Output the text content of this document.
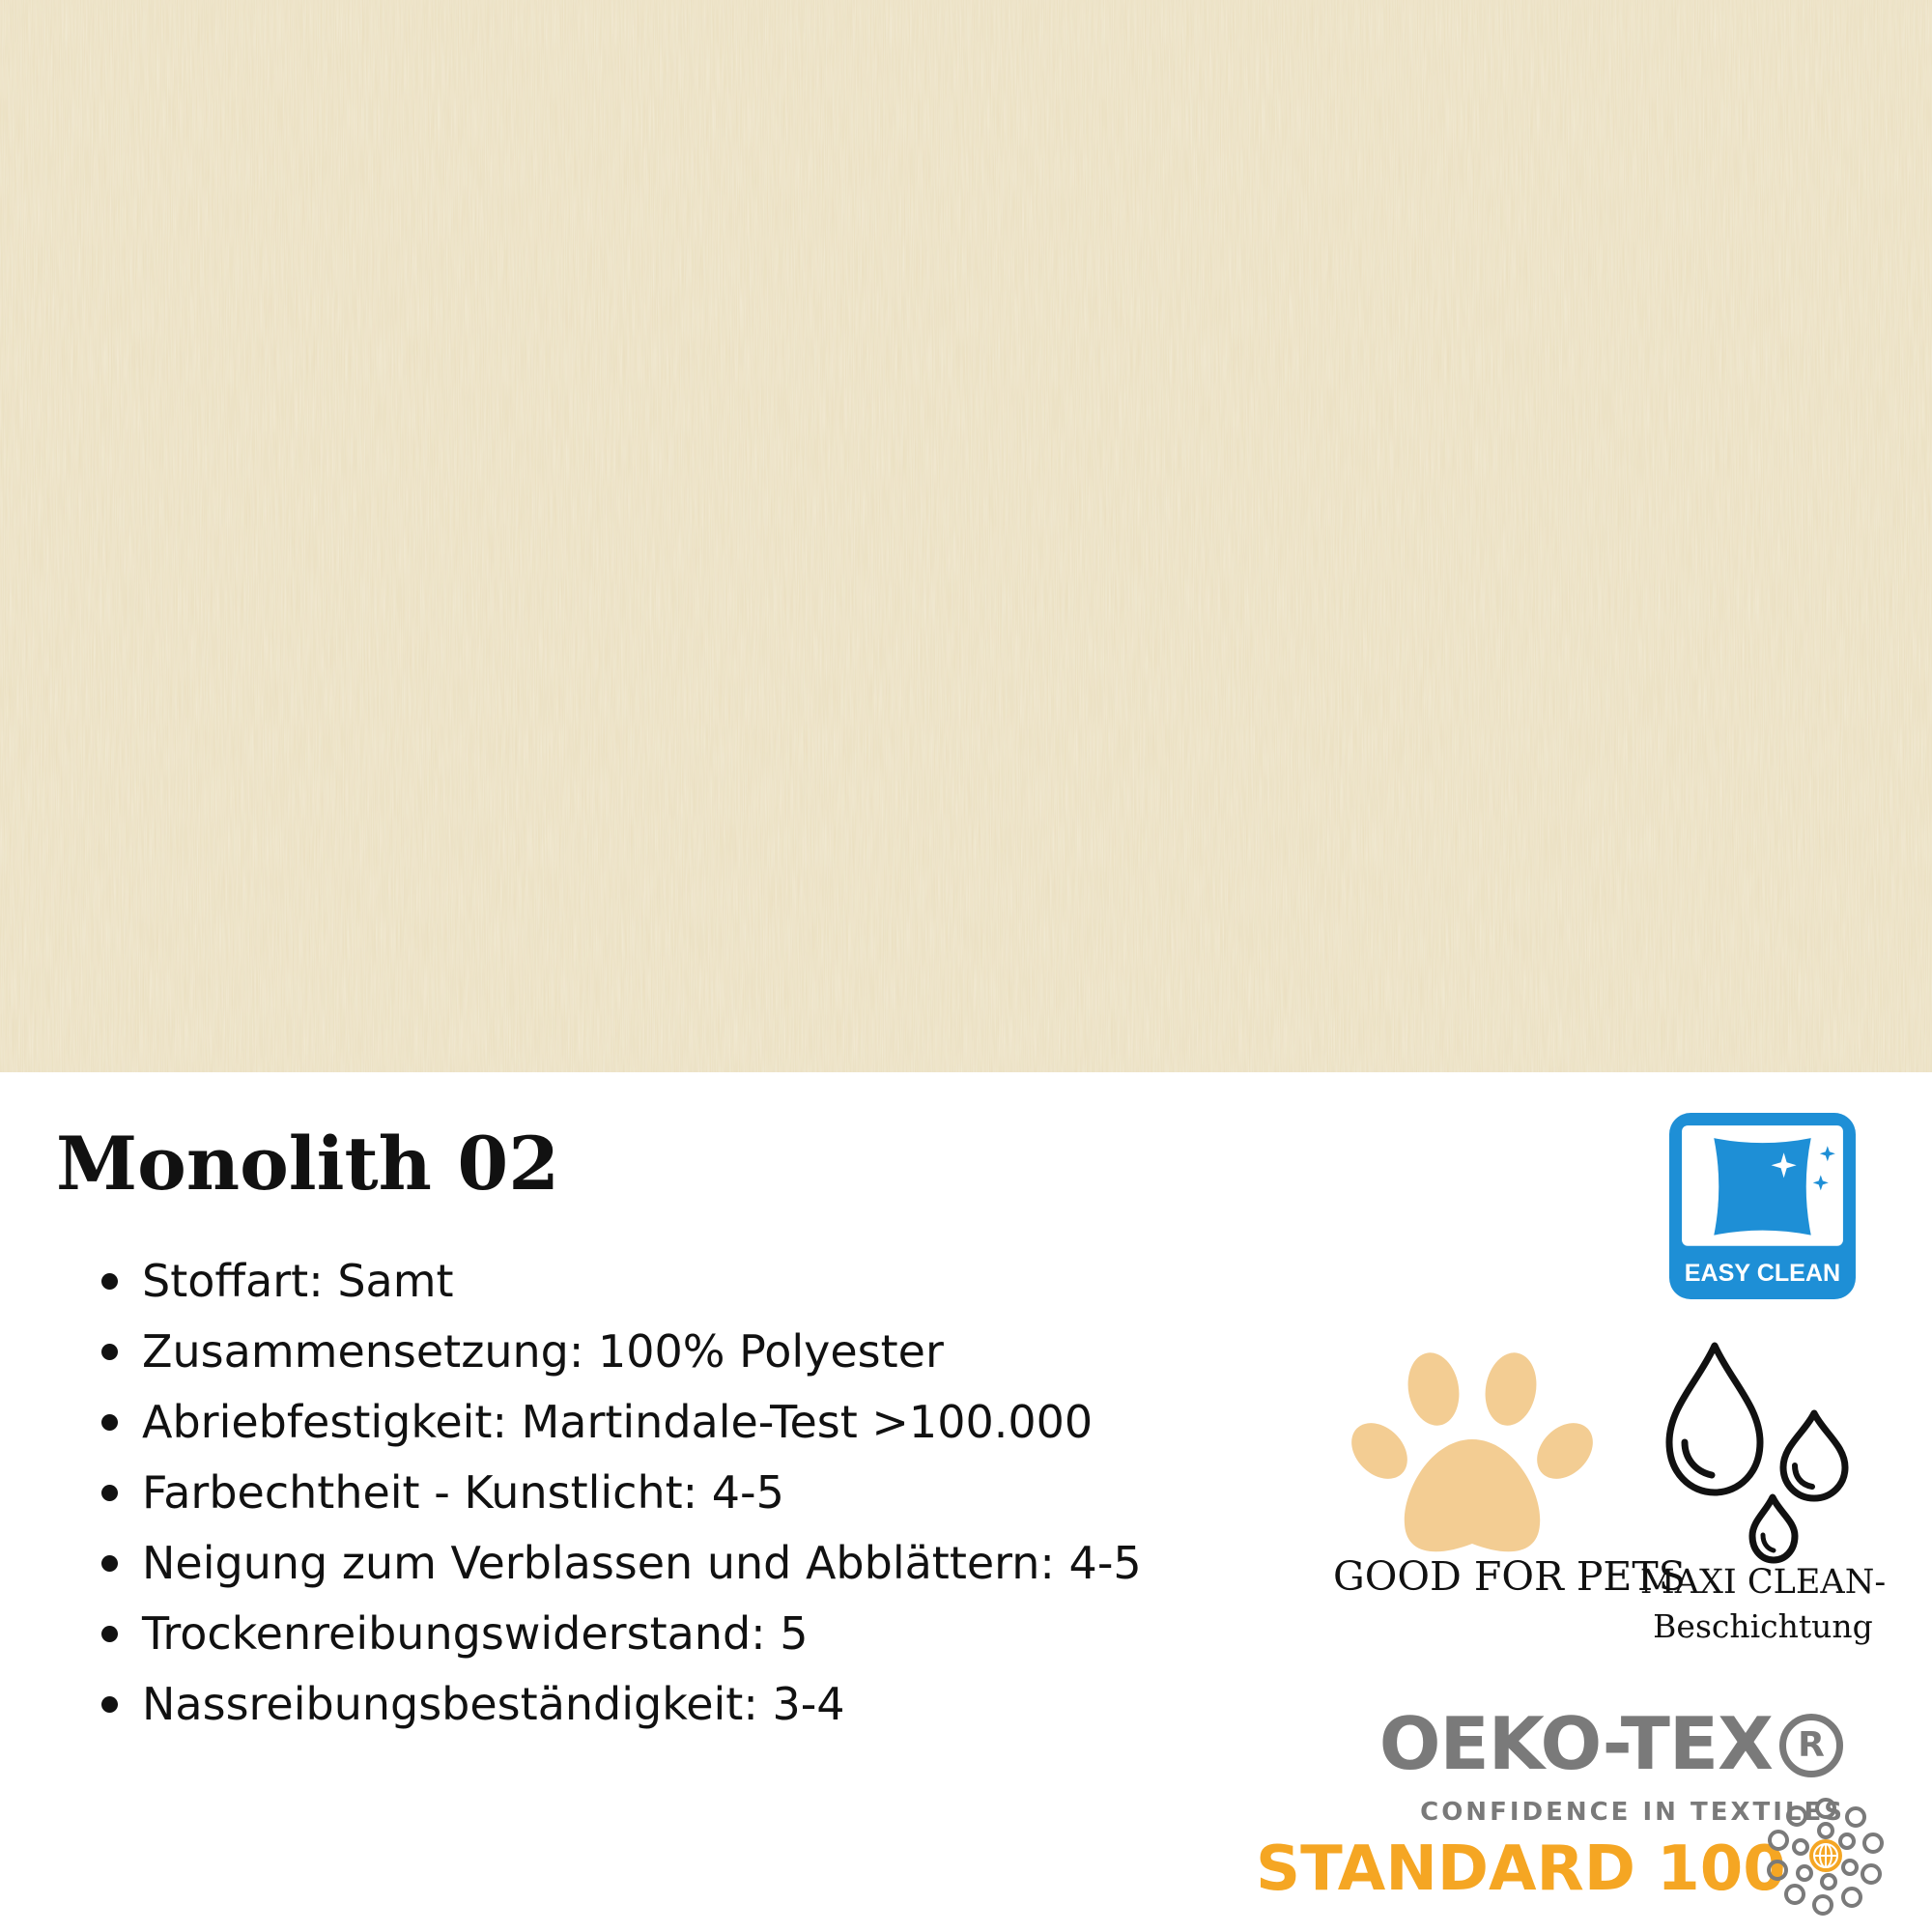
Monolith 02
Stoffart: Samt
Zusammensetzung: 100% Polyester
Abriebfestigkeit: Martindale-Test >100.000
Farbechtheit - Kunstlicht: 4-5
Neigung zum Verblassen und Abblättern: 4-5
Trockenreibungswiderstand: 5
Nassreibungsbeständigkeit: 3-4
EASY CLEAN
GOOD FOR PETS
MAXI CLEAN-
Beschichtung
OEKO-TEX R
CONFIDENCE IN TEXTILES
STANDARD 100
